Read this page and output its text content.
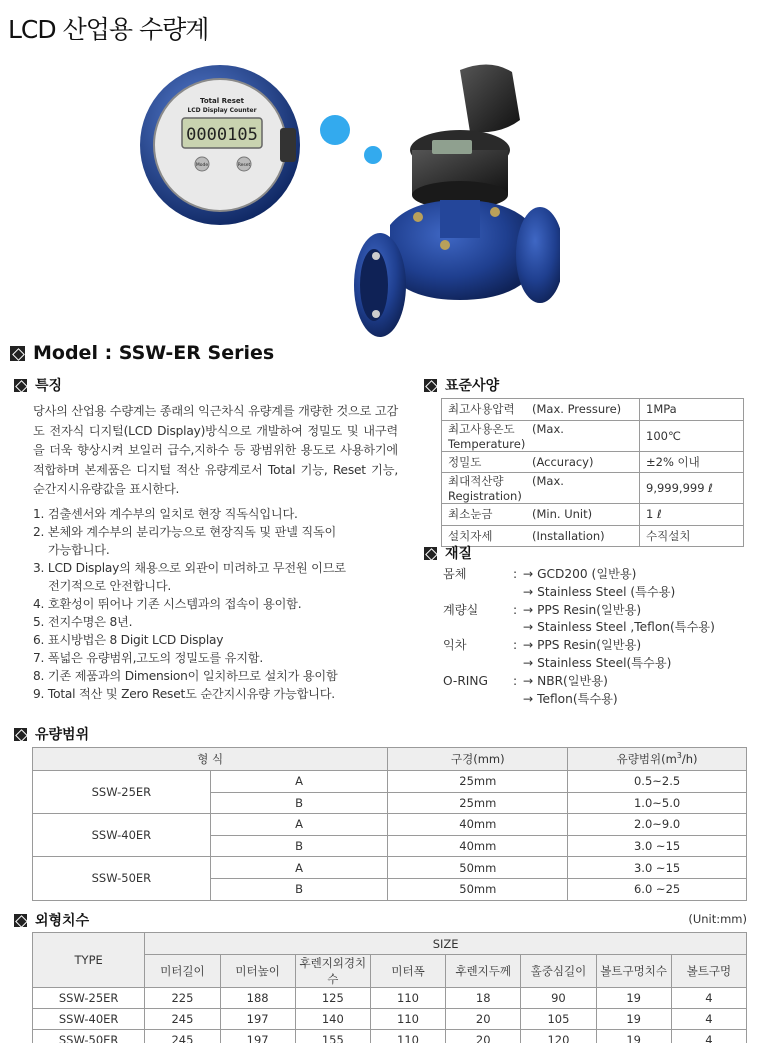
LCD 산업용 수량계
Total Reset
LCD Display Counter
0000105
Mode	Reset
Model : SSW-ER Series
특징

당사의 산업용 수량계는 종래의 익근차식 유량계를 개량한 것으로 고감도 전자식 디지털(LCD Display)방식으로 개발하여 정밀도 및 내구력을 더욱 향상시켜 보일러 급수,지하수 등 광범위한 용도로 사용하기에 적합하며 본제품은 디지털 적산 유량계로서 Total 기능, Reset 기능, 순간지시유량값을 표시한다.

1. 검출센서와 계수부의 일치로 현장 직독식입니다.
2. 본체와 계수부의 분리가능으로 현장직독 및 판넬 직독이
가능합니다.
3. LCD Display의 채용으로 외관이 미려하고 무전원 이므로
전기적으로 안전합니다.
4. 호환성이 뛰어나 기존 시스템과의 접속이 용이함.
5. 전지수명은 8년.
6. 표시방법은 8 Digit LCD Display
7. 폭넓은 유량범위,고도의 정밀도를 유지함.
8. 기존 제품과의 Dimension이 일치하므로 설치가 용이함
9. Total 적산 및 Zero Reset도 순간지시유량 가능합니다.
표준사양
최고사용압력 (Max. Pressure)	1MPa
최고사용온도 (Max. Temperature)	100℃
정밀도 (Accuracy)	±2% 이내
최대적산량 (Max. Registration)	9,999,999 ℓ
최소눈금 (Min. Unit)	1 ℓ
설치자세 (Installation)	수직설치
재질
몸체	: → GCD200 (일반용)
→ Stainless Steel (특수용)
계량실	: → PPS Resin(일반용)
→ Stainless Steel ,Teflon(특수용)
익차	: → PPS Resin(일반용)
→ Stainless Steel(특수용)
O-RING	: → NBR(일반용)
→ Teflon(특수용)
유량범위
형 식		구경(mm)	유량범위$(m^3/h)$
SSW-25ER	A	25mm	0.5~2.5
	B	25mm	1.0~5.0
SSW-40ER	A	40mm	2.0~9.0
	B	40mm	3.0 ~15
SSW-50ER	A	50mm	3.0 ~15
	B	50mm	6.0 ~25
외형치수	(Unit:mm)
TYPE	SIZE							
	미터길이	미터높이	후렌지외경치수	미터폭	후렌지두께	홀중심길이	볼트구멍치수	볼트구멍
SSW-25ER	225	188	125	110	18	90	19	4
SSW-40ER	245	197	140	110	20	105	19	4
SSW-50ER	245	197	155	110	20	120	19	4
